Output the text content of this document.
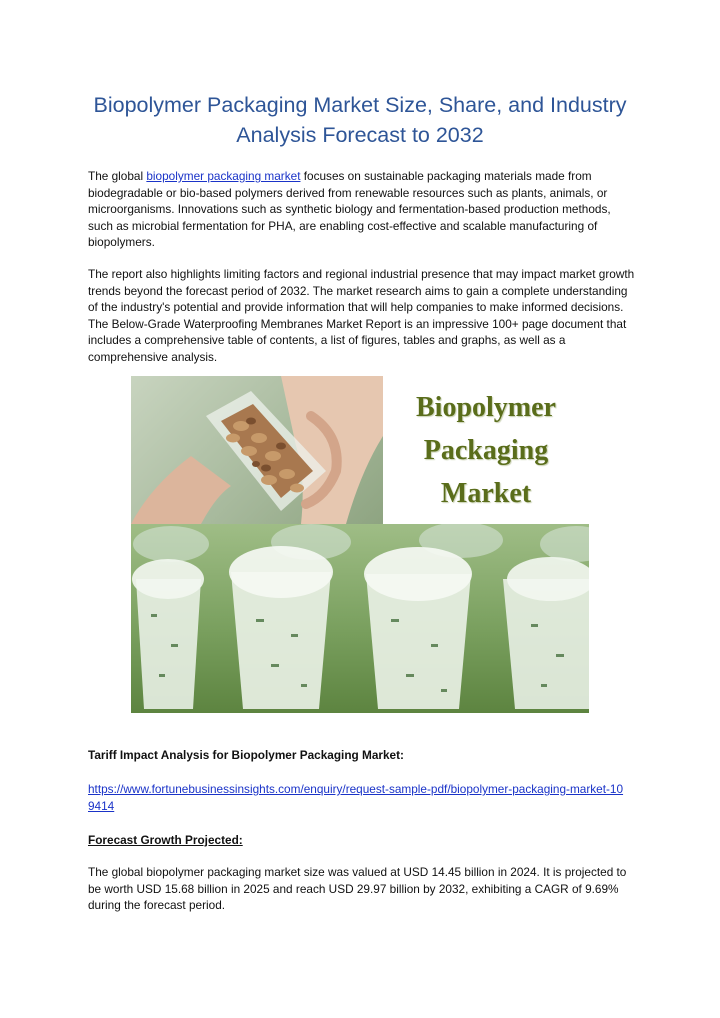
Biopolymer Packaging Market Size, Share, and Industry
Analysis Forecast to 2032

The global biopolymer packaging market focuses on sustainable packaging materials made from biodegradable or bio-based polymers derived from renewable resources such as plants, animals, or microorganisms. Innovations such as synthetic biology and fermentation-based production methods, such as microbial fermentation for PHA, are enabling cost-effective and scalable manufacturing of biopolymers.

The report also highlights limiting factors and regional industrial presence that may impact market growth trends beyond the forecast period of 2032. The market research aims to gain a complete understanding of the industry's potential and provide information that will help companies to make informed decisions. The Below-Grade Waterproofing Membranes Market Report is an impressive 100+ page document that includes a comprehensive table of contents, a list of figures, tables and graphs, as well as a comprehensive analysis.

Biopolymer
Packaging
Market
Tariff Impact Analysis for Biopolymer Packaging Market:
https://www.fortunebusinessinsights.com/enquiry/request-sample-pdf/biopolymer-packaging-market-109414
Forecast Growth Projected:

The global biopolymer packaging market size was valued at USD 14.45 billion in 2024. It is projected to be worth USD 15.68 billion in 2025 and reach USD 29.97 billion by 2032, exhibiting a CAGR of 9.69% during the forecast period.
